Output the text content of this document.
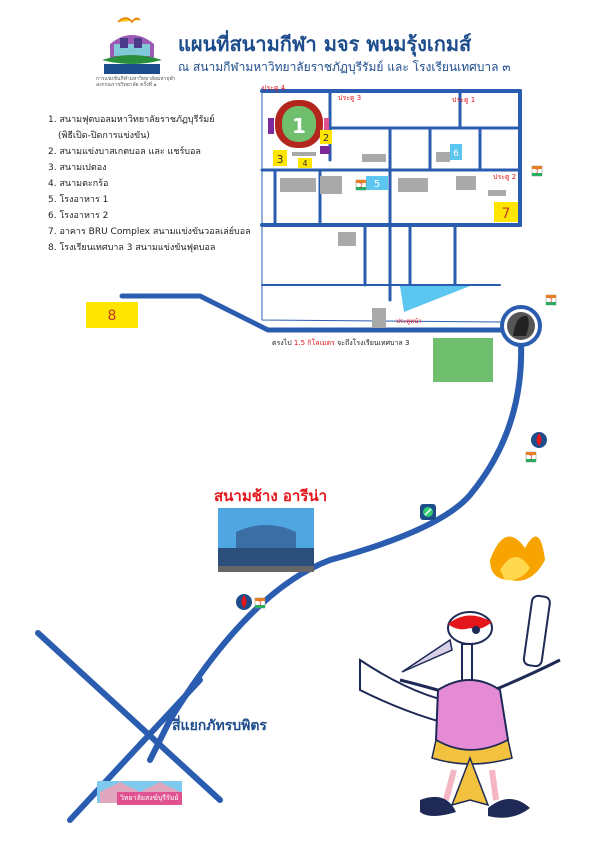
การแข่งขันกีฬามหาวิทยาลัยมหาจุฬาลงกรณราชวิทยาลัย ครั้งที่ ๑
แผนที่สนามกีฬา มจร พนมรุ้งเกมส์
ณ สนามกีฬามหาวิทยาลัยราชภัฏบุรีรัมย์ และ โรงเรียนเทศบาล ๓
1. สนามฟุตบอลมหาวิทยาลัยราชภัฏบุรีรัมย์
(พิธีเปิด-ปิดการแข่งขัน)
2. สนามแข่งบาสเกตบอล และ แชร์บอล
3. สนามเปตอง
4. สนามตะกร้อ
5. โรงอาหาร 1
6. โรงอาหาร 2
7. อาคาร BRU Complex สนามแข่งขันวอลเล่ย์บอล
8. โรงเรียนเทศบาล 3 สนามแข่งขันฟุตบอล
1
2
3 4
5
6
7
8
ประตู 4
ประตู 3	ประตู 1
ประตู 2
ประตูหน้า
7
7
7
7
7
ตรงไป 1.5 กิโลเมตร จะถึงโรงเรียนเทศบาล 3
สนามช้าง อารีน่า
สี่แยกภัทรบพิตร
วิทยาลัยสงฆ์บุรีรัมย์
